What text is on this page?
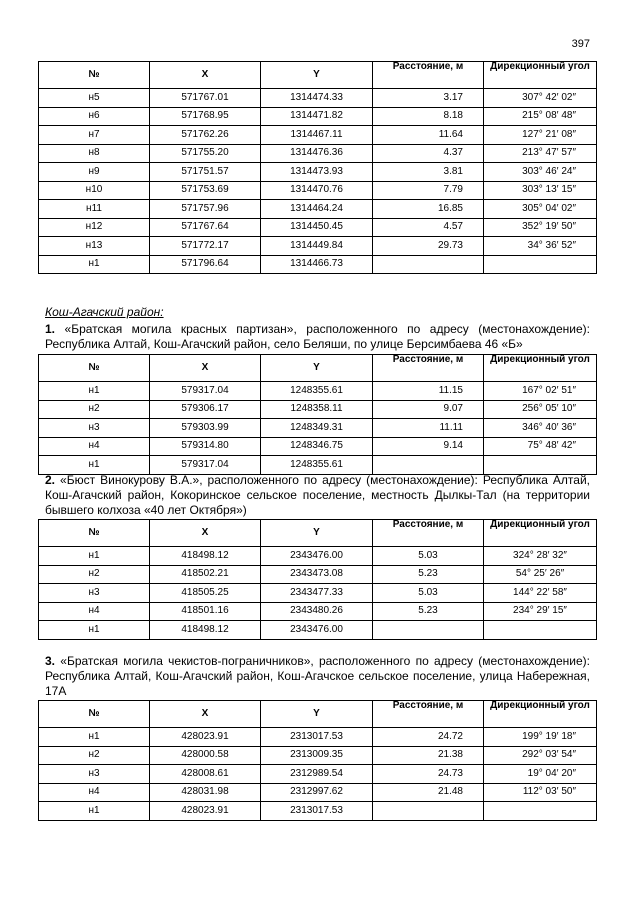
397
№	X	Y	Расстояние, м	Дирекционный угол
н5	571767.01	1314474.33	3.17	307° 42′ 02″
н6	571768.95	1314471.82	8.18	215° 08′ 48″
н7	571762.26	1314467.11	11.64	127° 21′ 08″
н8	571755.20	1314476.36	4.37	213° 47′ 57″
н9	571751.57	1314473.93	3.81	303° 46′ 24″
н10	571753.69	1314470.76	7.79	303° 13′ 15″
н11	571757.96	1314464.24	16.85	305° 04′ 02″
н12	571767.64	1314450.45	4.57	352° 19′ 50″
н13	571772.17	1314449.84	29.73	34° 36′ 52″
н1	571796.64	1314466.73		
Кош-Агачский район:
1. «Братская могила красных партизан», расположенного по адресу (местонахождение): Республика Алтай, Кош-Агачский район, село Беляши, по улице Берсимбаева 46 «Б»
№	X	Y	Расстояние, м	Дирекционный угол
н1	579317.04	1248355.61	11.15	167° 02′ 51″
н2	579306.17	1248358.11	9.07	256° 05′ 10″
н3	579303.99	1248349.31	11.11	346° 40′ 36″
н4	579314.80	1248346.75	9.14	75° 48′ 42″
н1	579317.04	1248355.61		
2. «Бюст Винокурову В.А.», расположенного по адресу (местонахождение): Республика Алтай, Кош-Агачский район, Кокоринское сельское поселение, местность Дылкы-Тал (на территории бывшего колхоза «40 лет Октября»)
№	X	Y	Расстояние, м	Дирекционный угол
н1	418498.12	2343476.00	5.03	324° 28′ 32″
н2	418502.21	2343473.08	5.23	54° 25′ 26″
н3	418505.25	2343477.33	5.03	144° 22′ 58″
н4	418501.16	2343480.26	5.23	234° 29′ 15″
н1	418498.12	2343476.00		
3. «Братская могила чекистов-пограничников», расположенного по адресу (местонахождение): Республика Алтай, Кош-Агачский район, Кош-Агачское сельское поселение, улица Набережная, 17А
№	X	Y	Расстояние, м	Дирекционный угол
н1	428023.91	2313017.53	24.72	199° 19′ 18″
н2	428000.58	2313009.35	21.38	292° 03′ 54″
н3	428008.61	2312989.54	24.73	19° 04′ 20″
н4	428031.98	2312997.62	21.48	112° 03′ 50″
н1	428023.91	2313017.53		
